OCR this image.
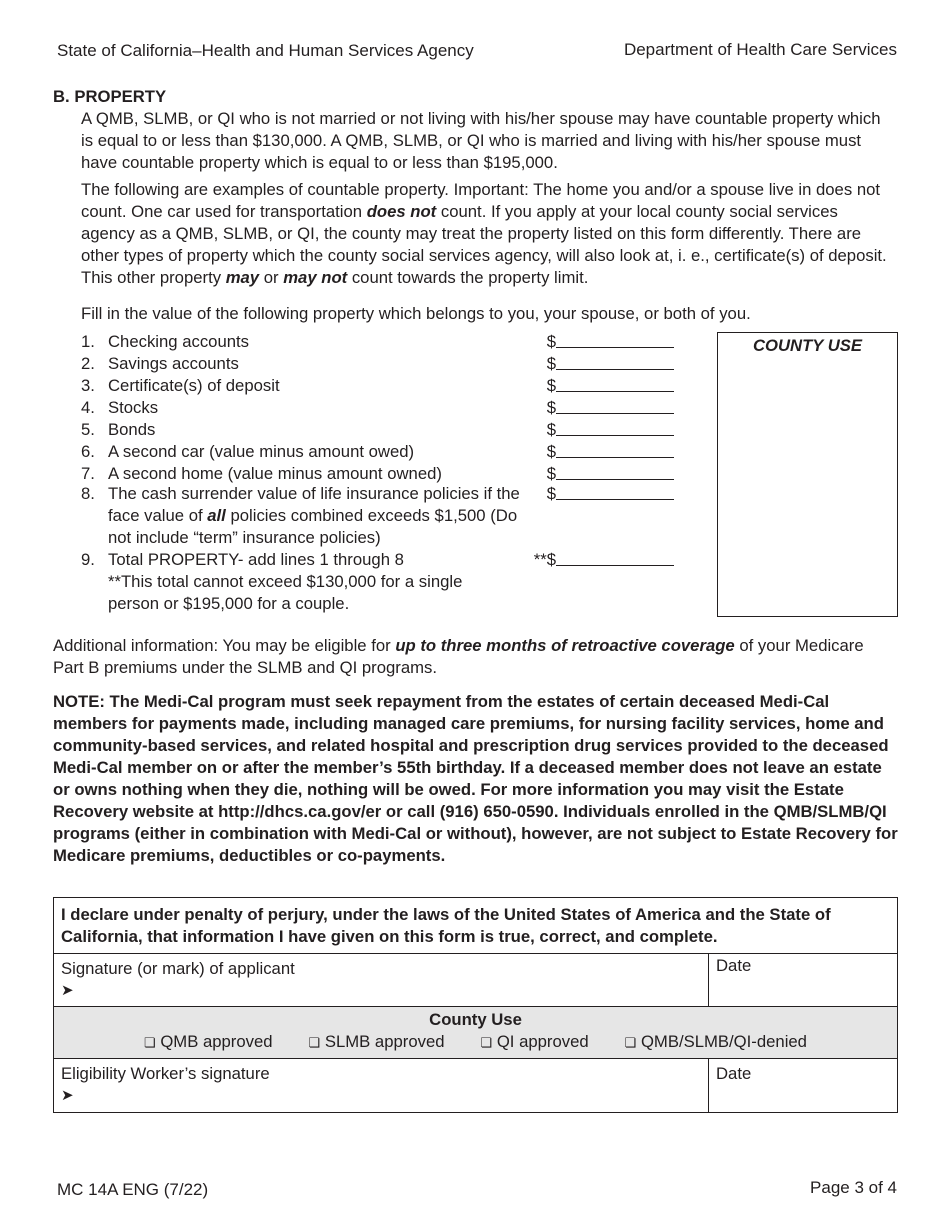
State of California–Health and Human Services Agency	Department of Health Care Services
B. PROPERTY

A QMB, SLMB, or QI who is not married or not living with his/her spouse may have countable property which is equal to or less than $130,000. A QMB, SLMB, or QI who is married and living with his/her spouse must have countable property which is equal to or less than $195,000.

The following are examples of countable property. Important: The home you and/or a spouse live in does not count. One car used for transportation does not count. If you apply at your local county social services agency as a QMB, SLMB, or QI, the county may treat the property listed on this form differently. There are other types of property which the county social services agency, will also look at, i. e., certificate(s) of deposit. This other property may or may not count towards the property limit.

Fill in the value of the following property which belongs to you, your spouse, or both of you.

1. Checking accounts	$
2. Savings accounts	$
3. Certificate(s) of deposit	$
4. Stocks	$
5. Bonds	$
6. A second car (value minus amount owed)	$
7. A second home (value minus amount owned)	$
8. The cash surrender value of life insurance policies if the face value of all policies combined exceeds $1,500 (Do not include “term” insurance policies)
$
9. Total PROPERTY- add lines 1 through 8
**This total cannot exceed $130,000 for a single person or $195,000 for a couple.
**$
COUNTY USE

Additional information: You may be eligible for up to three months of retroactive coverage of your Medicare Part B premiums under the SLMB and QI programs.

NOTE: The Medi-Cal program must seek repayment from the estates of certain deceased Medi-Cal members for payments made, including managed care premiums, for nursing facility services, home and community-based services, and related hospital and prescription drug services provided to the deceased Medi-Cal member on or after the member’s 55th birthday. If a deceased member does not leave an estate or owns nothing when they die, nothing will be owed. For more information you may visit the Estate Recovery website at http://dhcs.ca.gov/er or call (916) 650-0590. Individuals enrolled in the QMB/SLMB/QI programs (either in combination with Medi-Cal or without), however, are not subject to Estate Recovery for Medicare premiums, deductibles or co-payments.

I declare under penalty of perjury, under the laws of the United States of America and the State of California, that information I have given on this form is true, correct, and complete.	

Signature (or mark) of applicant
➤	Date

County Use
❏ QMB approved ❏ SLMB approved ❏ QI approved ❏ QMB/SLMB/QI-denied	

Eligibility Worker’s signature
➤	Date
MC 14A ENG (7/22)	Page 3 of 4
